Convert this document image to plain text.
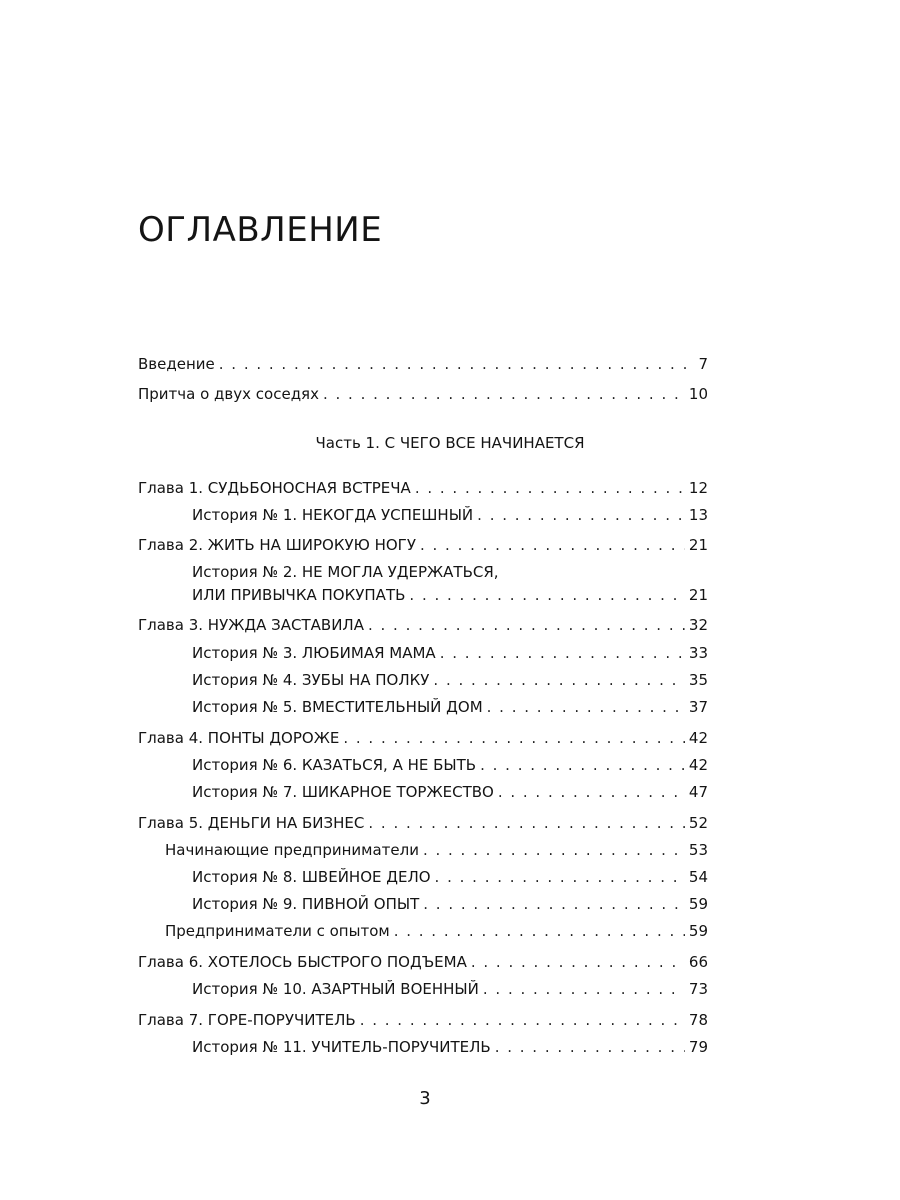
ОГЛАВЛЕНИЕ
Введение . . .	7
Притча о двух соседях . . .	10
Часть 1. С ЧЕГО ВСЕ НАЧИНАЕТСЯ
Глава 1. СУДЬБОНОСНАЯ ВСТРЕЧА . . .	12
История № 1. НЕКОГДА УСПЕШНЫЙ . . .	13
Глава 2. ЖИТЬ НА ШИРОКУЮ НОГУ . . .	21
История № 2. НЕ МОГЛА УДЕРЖАТЬСЯ,
ИЛИ ПРИВЫЧКА ПОКУПАТЬ . . .	21
Глава 3. НУЖДА ЗАСТАВИЛА . . .	32
История № 3. ЛЮБИМАЯ МАМА . . .	33
История № 4. ЗУБЫ НА ПОЛКУ . . .	35
История № 5. ВМЕСТИТЕЛЬНЫЙ ДОМ . . .	37
Глава 4. ПОНТЫ ДОРОЖЕ . . .	42
История № 6. КАЗАТЬСЯ, А НЕ БЫТЬ . . .	42
История № 7. ШИКАРНОЕ ТОРЖЕСТВО . . .	47
Глава 5. ДЕНЬГИ НА БИЗНЕС . . .	52
Начинающие предприниматели . . .	53
История № 8. ШВЕЙНОЕ ДЕЛО . . .	54
История № 9. ПИВНОЙ ОПЫТ . . .	59
Предприниматели с опытом . . .	59
Глава 6. ХОТЕЛОСЬ БЫСТРОГО ПОДЪЕМА . . .	66
История № 10. АЗАРТНЫЙ ВОЕННЫЙ . . .	73
Глава 7. ГОРЕ-ПОРУЧИТЕЛЬ . . .	78
История № 11. УЧИТЕЛЬ-ПОРУЧИТЕЛЬ . . .	79
3
